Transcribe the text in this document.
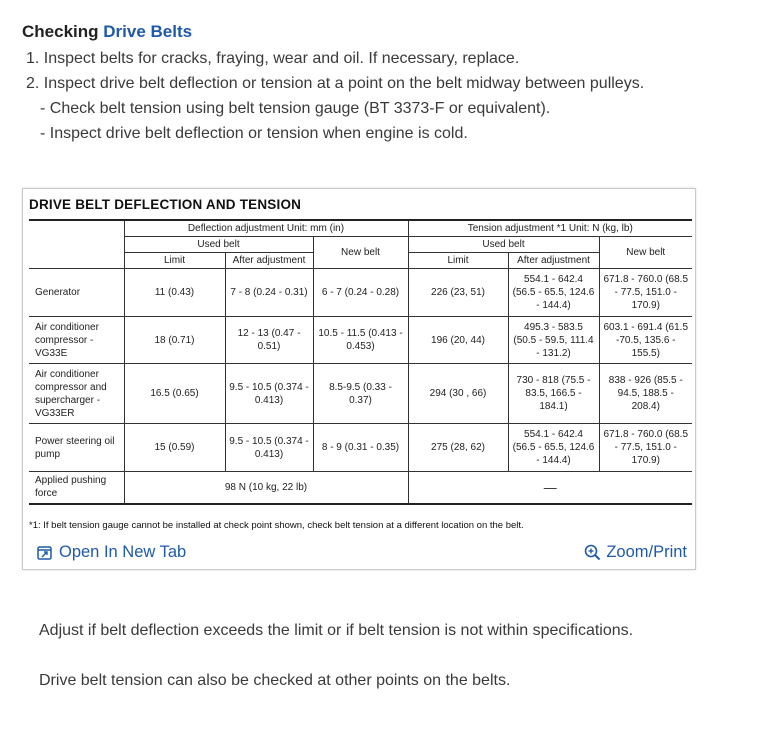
Checking Drive Belts
1. Inspect belts for cracks, fraying, wear and oil. If necessary, replace.
2. Inspect drive belt deflection or tension at a point on the belt midway between pulleys.
- Check belt tension using belt tension gauge (BT 3373-F or equivalent).
- Inspect drive belt deflection or tension when engine is cold.
DRIVE BELT DEFLECTION AND TENSION
	Deflection adjustment Unit: mm (in)			Tension adjustment *1 Unit: N (kg, lb)		
	Used belt		New belt	Used belt		New belt
	Limit	After adjustment		Limit	After adjustment	
Generator	11 (0.43)	7 - 8 (0.24 - 0.31)	6 - 7 (0.24 - 0.28)	226 (23, 51)	554.1 - 642.4 (56.5 - 65.5, 124.6 - 144.4)	671.8 - 760.0 (68.5 - 77.5, 151.0 - 170.9)
Air conditioner compressor - VG33E	18 (0.71)	12 - 13 (0.47 - 0.51)	10.5 - 11.5 (0.413 - 0.453)	196 (20, 44)	495.3 - 583.5 (50.5 - 59.5, 111.4 - 131.2)	603.1 - 691.4 (61.5 -70.5, 135.6 - 155.5)
Air conditioner compressor and supercharger - VG33ER	16.5 (0.65)	9.5 - 10.5 (0.374 - 0.413)	8.5-9.5 (0.33 - 0.37)	294 (30 , 66)	730 - 818 (75.5 - 83.5, 166.5 - 184.1)	838 - 926 (85.5 - 94.5, 188.5 - 208.4)
Power steering oil pump	15 (0.59)	9.5 - 10.5 (0.374 - 0.413)	8 - 9 (0.31 - 0.35)	275 (28, 62)	554.1 - 642.4 (56.5 - 65.5, 124.6 - 144.4)	671.8 - 760.0 (68.5 - 77.5, 151.0 - 170.9)
Applied pushing force	98 N (10 kg, 22 lb)			—		
*1: If belt tension gauge cannot be installed at check point shown, check belt tension at a different location on the belt.
Open In New Tab	Zoom/Print
Adjust if belt deflection exceeds the limit or if belt tension is not within specifications.
Drive belt tension can also be checked at other points on the belts.
